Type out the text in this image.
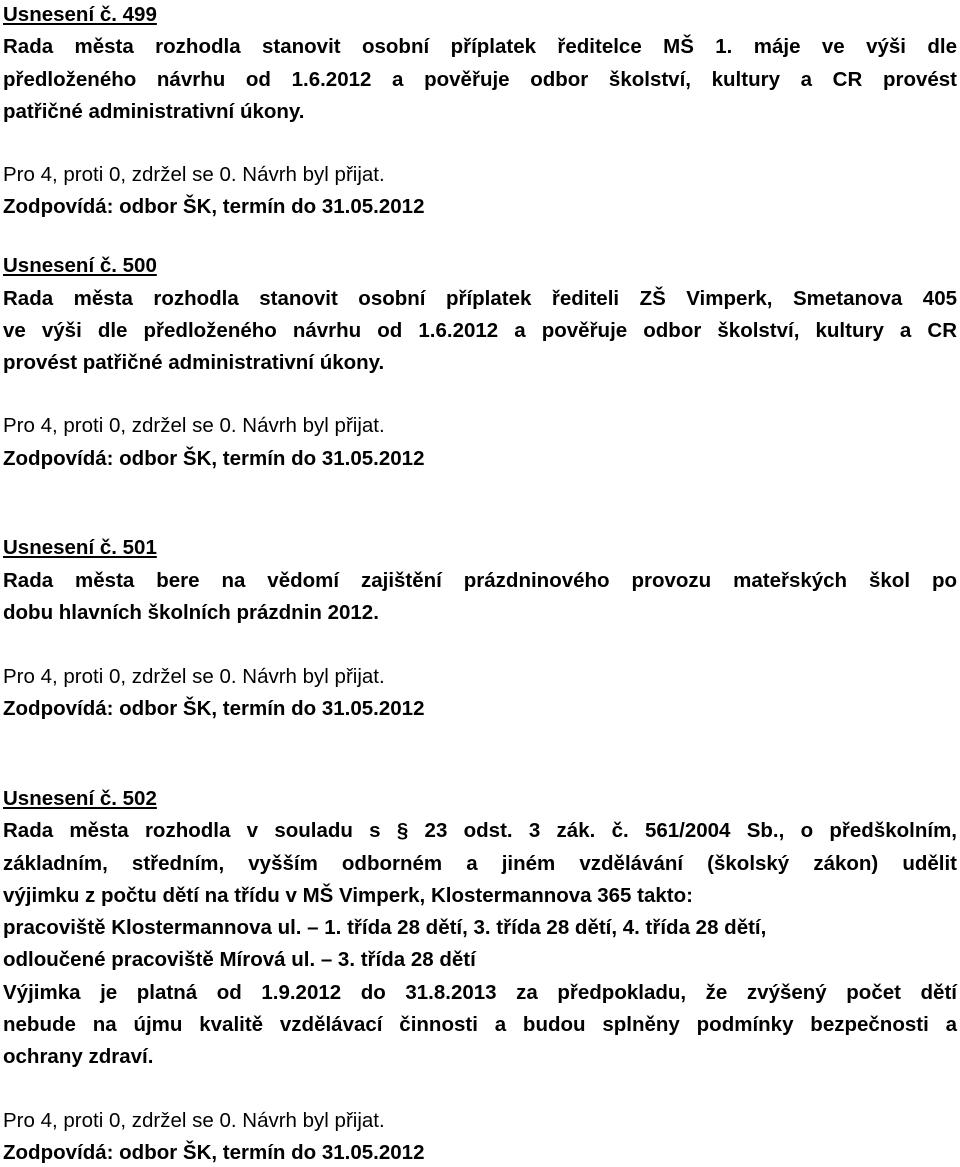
Usnesení č. 499
Rada města rozhodla stanovit osobní příplatek ředitelce MŠ 1. máje ve výši dle
předloženého návrhu od 1.6.2012 a pověřuje odbor školství, kultury a CR provést
patřičné administrativní úkony.
Pro 4, proti 0, zdržel se 0. Návrh byl přijat.
Zodpovídá: odbor ŠK, termín do 31.05.2012
Usnesení č. 500
Rada města rozhodla stanovit osobní příplatek řediteli ZŠ Vimperk, Smetanova 405
ve výši dle předloženého návrhu od 1.6.2012 a pověřuje odbor školství, kultury a CR
provést patřičné administrativní úkony.
Pro 4, proti 0, zdržel se 0. Návrh byl přijat.
Zodpovídá: odbor ŠK, termín do 31.05.2012
Usnesení č. 501
Rada města bere na vědomí zajištění prázdninového provozu mateřských škol po
dobu hlavních školních prázdnin 2012.
Pro 4, proti 0, zdržel se 0. Návrh byl přijat.
Zodpovídá: odbor ŠK, termín do 31.05.2012
Usnesení č. 502
Rada města rozhodla v souladu s § 23 odst. 3 zák. č. 561/2004 Sb., o předškolním,
základním, středním, vyšším odborném a jiném vzdělávání (školský zákon) udělit
výjimku z počtu dětí na třídu v MŠ Vimperk, Klostermannova 365 takto:
pracoviště Klostermannova ul. – 1. třída 28 dětí, 3. třída 28 dětí, 4. třída 28 dětí,
odloučené pracoviště Mírová ul. – 3. třída 28 dětí
Výjimka je platná od 1.9.2012 do 31.8.2013 za předpokladu, že zvýšený počet dětí
nebude na újmu kvalitě vzdělávací činnosti a budou splněny podmínky bezpečnosti a
ochrany zdraví.
Pro 4, proti 0, zdržel se 0. Návrh byl přijat.
Zodpovídá: odbor ŠK, termín do 31.05.2012
